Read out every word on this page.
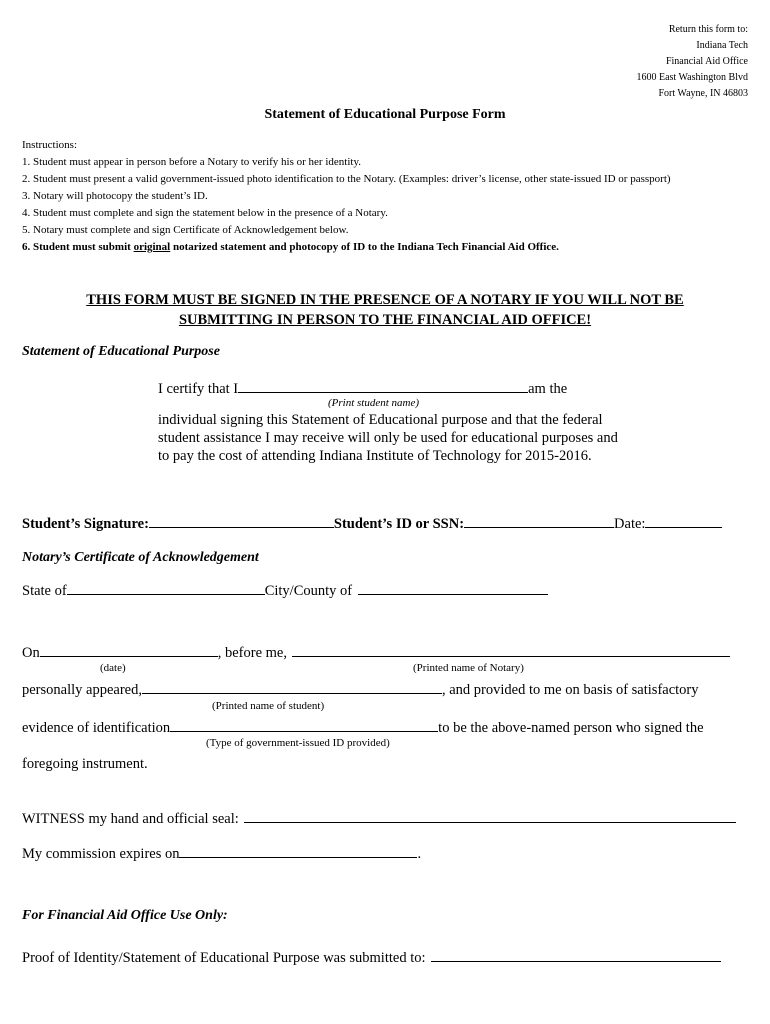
Return this form to:
Indiana Tech
Financial Aid Office
1600 East Washington Blvd
Fort Wayne, IN 46803
Statement of Educational Purpose Form
Instructions:
1. Student must appear in person before a Notary to verify his or her identity.
2. Student must present a valid government-issued photo identification to the Notary. (Examples: driver’s license, other state-issued ID or passport)
3. Notary will photocopy the student’s ID.
4. Student must complete and sign the statement below in the presence of a Notary.
5. Notary must complete and sign Certificate of Acknowledgement below.
6. Student must submit original notarized statement and photocopy of ID to the Indiana Tech Financial Aid Office.
THIS FORM MUST BE SIGNED IN THE PRESENCE OF A NOTARY IF YOU WILL NOT BE
SUBMITTING IN PERSON TO THE FINANCIAL AID OFFICE!
Statement of Educational Purpose
I certify that I	am the
(Print student name)
individual signing this Statement of Educational purpose and that the federal student assistance I may receive will only be used for educational purposes and to pay the cost of attending Indiana Institute of Technology for 2015-2016.
Student’s Signature:	Student’s ID or SSN:	Date:
Notary’s Certificate of Acknowledgement
State of	City/County of
On	, before me,
(date)	(Printed name of Notary)
personally appeared,	, and provided to me on basis of satisfactory
(Printed name of student)
evidence of identification	to be the above-named person who signed the
(Type of government-issued ID provided)
foregoing instrument.
WITNESS my hand and official seal:
My commission expires on	.
For Financial Aid Office Use Only:
Proof of Identity/Statement of Educational Purpose was submitted to:
